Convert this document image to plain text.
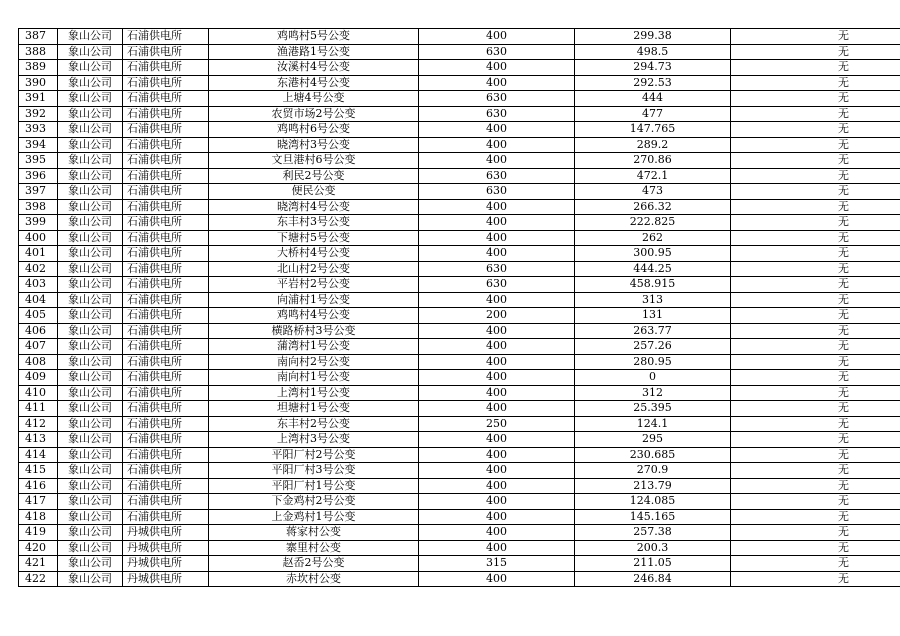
387	象山公司	石浦供电所	鸡鸣村5号公变	400	299.38	无
388	象山公司	石浦供电所	渔港路1号公变	630	498.5	无
389	象山公司	石浦供电所	汝溪村4号公变	400	294.73	无
390	象山公司	石浦供电所	东港村4号公变	400	292.53	无
391	象山公司	石浦供电所	上塘4号公变	630	444	无
392	象山公司	石浦供电所	农贸市场2号公变	630	477	无
393	象山公司	石浦供电所	鸡鸣村6号公变	400	147.765	无
394	象山公司	石浦供电所	晓湾村3号公变	400	289.2	无
395	象山公司	石浦供电所	文旦港村6号公变	400	270.86	无
396	象山公司	石浦供电所	利民2号公变	630	472.1	无
397	象山公司	石浦供电所	便民公变	630	473	无
398	象山公司	石浦供电所	晓湾村4号公变	400	266.32	无
399	象山公司	石浦供电所	东丰村3号公变	400	222.825	无
400	象山公司	石浦供电所	下塘村5号公变	400	262	无
401	象山公司	石浦供电所	大桥村4号公变	400	300.95	无
402	象山公司	石浦供电所	北山村2号公变	630	444.25	无
403	象山公司	石浦供电所	平岩村2号公变	630	458.915	无
404	象山公司	石浦供电所	向浦村1号公变	400	313	无
405	象山公司	石浦供电所	鸡鸣村4号公变	200	131	无
406	象山公司	石浦供电所	横路桥村3号公变	400	263.77	无
407	象山公司	石浦供电所	蒲湾村1号公变	400	257.26	无
408	象山公司	石浦供电所	南向村2号公变	400	280.95	无
409	象山公司	石浦供电所	南向村1号公变	400	0	无
410	象山公司	石浦供电所	上湾村1号公变	400	312	无
411	象山公司	石浦供电所	坦塘村1号公变	400	25.395	无
412	象山公司	石浦供电所	东丰村2号公变	250	124.1	无
413	象山公司	石浦供电所	上湾村3号公变	400	295	无
414	象山公司	石浦供电所	平阳厂村2号公变	400	230.685	无
415	象山公司	石浦供电所	平阳厂村3号公变	400	270.9	无
416	象山公司	石浦供电所	平阳厂村1号公变	400	213.79	无
417	象山公司	石浦供电所	下金鸡村2号公变	400	124.085	无
418	象山公司	石浦供电所	上金鸡村1号公变	400	145.165	无
419	象山公司	丹城供电所	蒋家村公变	400	257.38	无
420	象山公司	丹城供电所	寨里村公变	400	200.3	无
421	象山公司	丹城供电所	赵岙2号公变	315	211.05	无
422	象山公司	丹城供电所	赤坎村公变	400	246.84	无
